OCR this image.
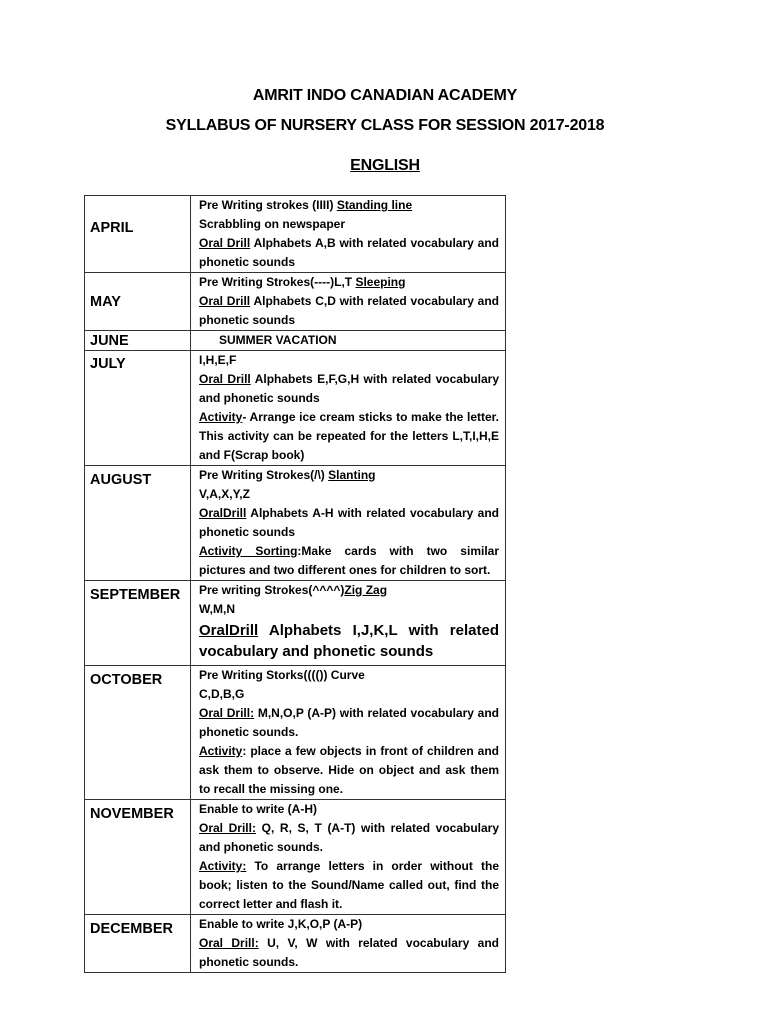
AMRIT INDO CANADIAN ACADEMY
SYLLABUS OF NURSERY CLASS FOR SESSION 2017-2018
ENGLISH
APRIL	Pre Writing strokes (IIII) Standing line
Scrabbling on newspaper
Oral Drill Alphabets A,B with related vocabulary and phonetic sounds

MAY	Pre Writing Strokes(----)L,T Sleeping
Oral Drill Alphabets C,D with related vocabulary and phonetic sounds

JUNE	SUMMER VACATION

JULY	I,H,E,F
Oral Drill Alphabets E,F,G,H with related vocabulary and phonetic sounds
Activity- Arrange ice cream sticks to make the letter. This activity can be repeated for the letters L,T,I,H,E and F(Scrap book)

AUGUST	Pre Writing Strokes(/\) Slanting
V,A,X,Y,Z
OralDrill Alphabets A-H with related vocabulary and phonetic sounds
Activity Sorting:Make cards with two similar pictures and two different ones for children to sort.

SEPTEMBER	Pre writing Strokes(^^^^)Zig Zag
W,M,N
OralDrill Alphabets I,J,K,L with related vocabulary and phonetic sounds

OCTOBER	Pre Writing Storks(((()) Curve
C,D,B,G
Oral Drill: M,N,O,P (A-P) with related vocabulary and phonetic sounds.
Activity: place a few objects in front of children and ask them to observe. Hide on object and ask them to recall the missing one.

NOVEMBER	Enable to write (A-H)
Oral Drill: Q, R, S, T (A-T) with related vocabulary and phonetic sounds.
Activity: To arrange letters in order without the book; listen to the Sound/Name called out, find the correct letter and flash it.

DECEMBER	Enable to write J,K,O,P (A-P)
Oral Drill: U, V, W with related vocabulary and phonetic sounds.
